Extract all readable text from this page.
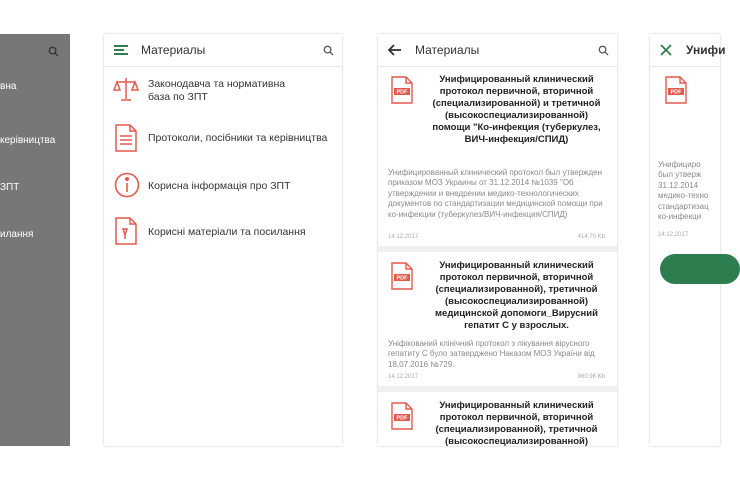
вна
керівництва
ЗПТ
илання
Материалы
Законодавча та нормативна
база по ЗПТ
Протоколи, посібники та керівництва
Корисна інформація про ЗПТ
Корисні матеріали та посилання
Материалы
PDF
Унифицированный клинический протокол первичной, вторичной (специализированной) и третичной (высокоспециализированной) помощи "Ко-инфекция (туберкулез, ВИЧ-инфекция/СПИД)
Унифицированный клинический протокол был утвержден приказом МОЗ Украины от 31.12.2014 №1039 "Об утверждении и внедрении медико-технологических документов по стандартизации медицинской помощи при ко-инфекции (туберкулез/ВИЧ-инфекция/СПИД)
14.12.2017	414.70 Kb
PDF
Унифицированный клинический протокол первичной, вторичной (специализированной), третичной (высокоспециализированной) медицинской допомоги_Вирусний гепатит С у взрослых.
Уніфікований клінічний протокол з лікування вірусного гепатиту С було затверджено Наказом МОЗ України від 18.07.2016 №729.
14.12.2017	960.98 Kb
PDF
Унифицированный клинический протокол первичной, вторичной (специализированной), третичной (высокоспециализированной)
Унифи
PDF
Унифициро
был утверж
31.12.2014
медико-техно
стандартизац
ко-инфекци
14.12.2017
